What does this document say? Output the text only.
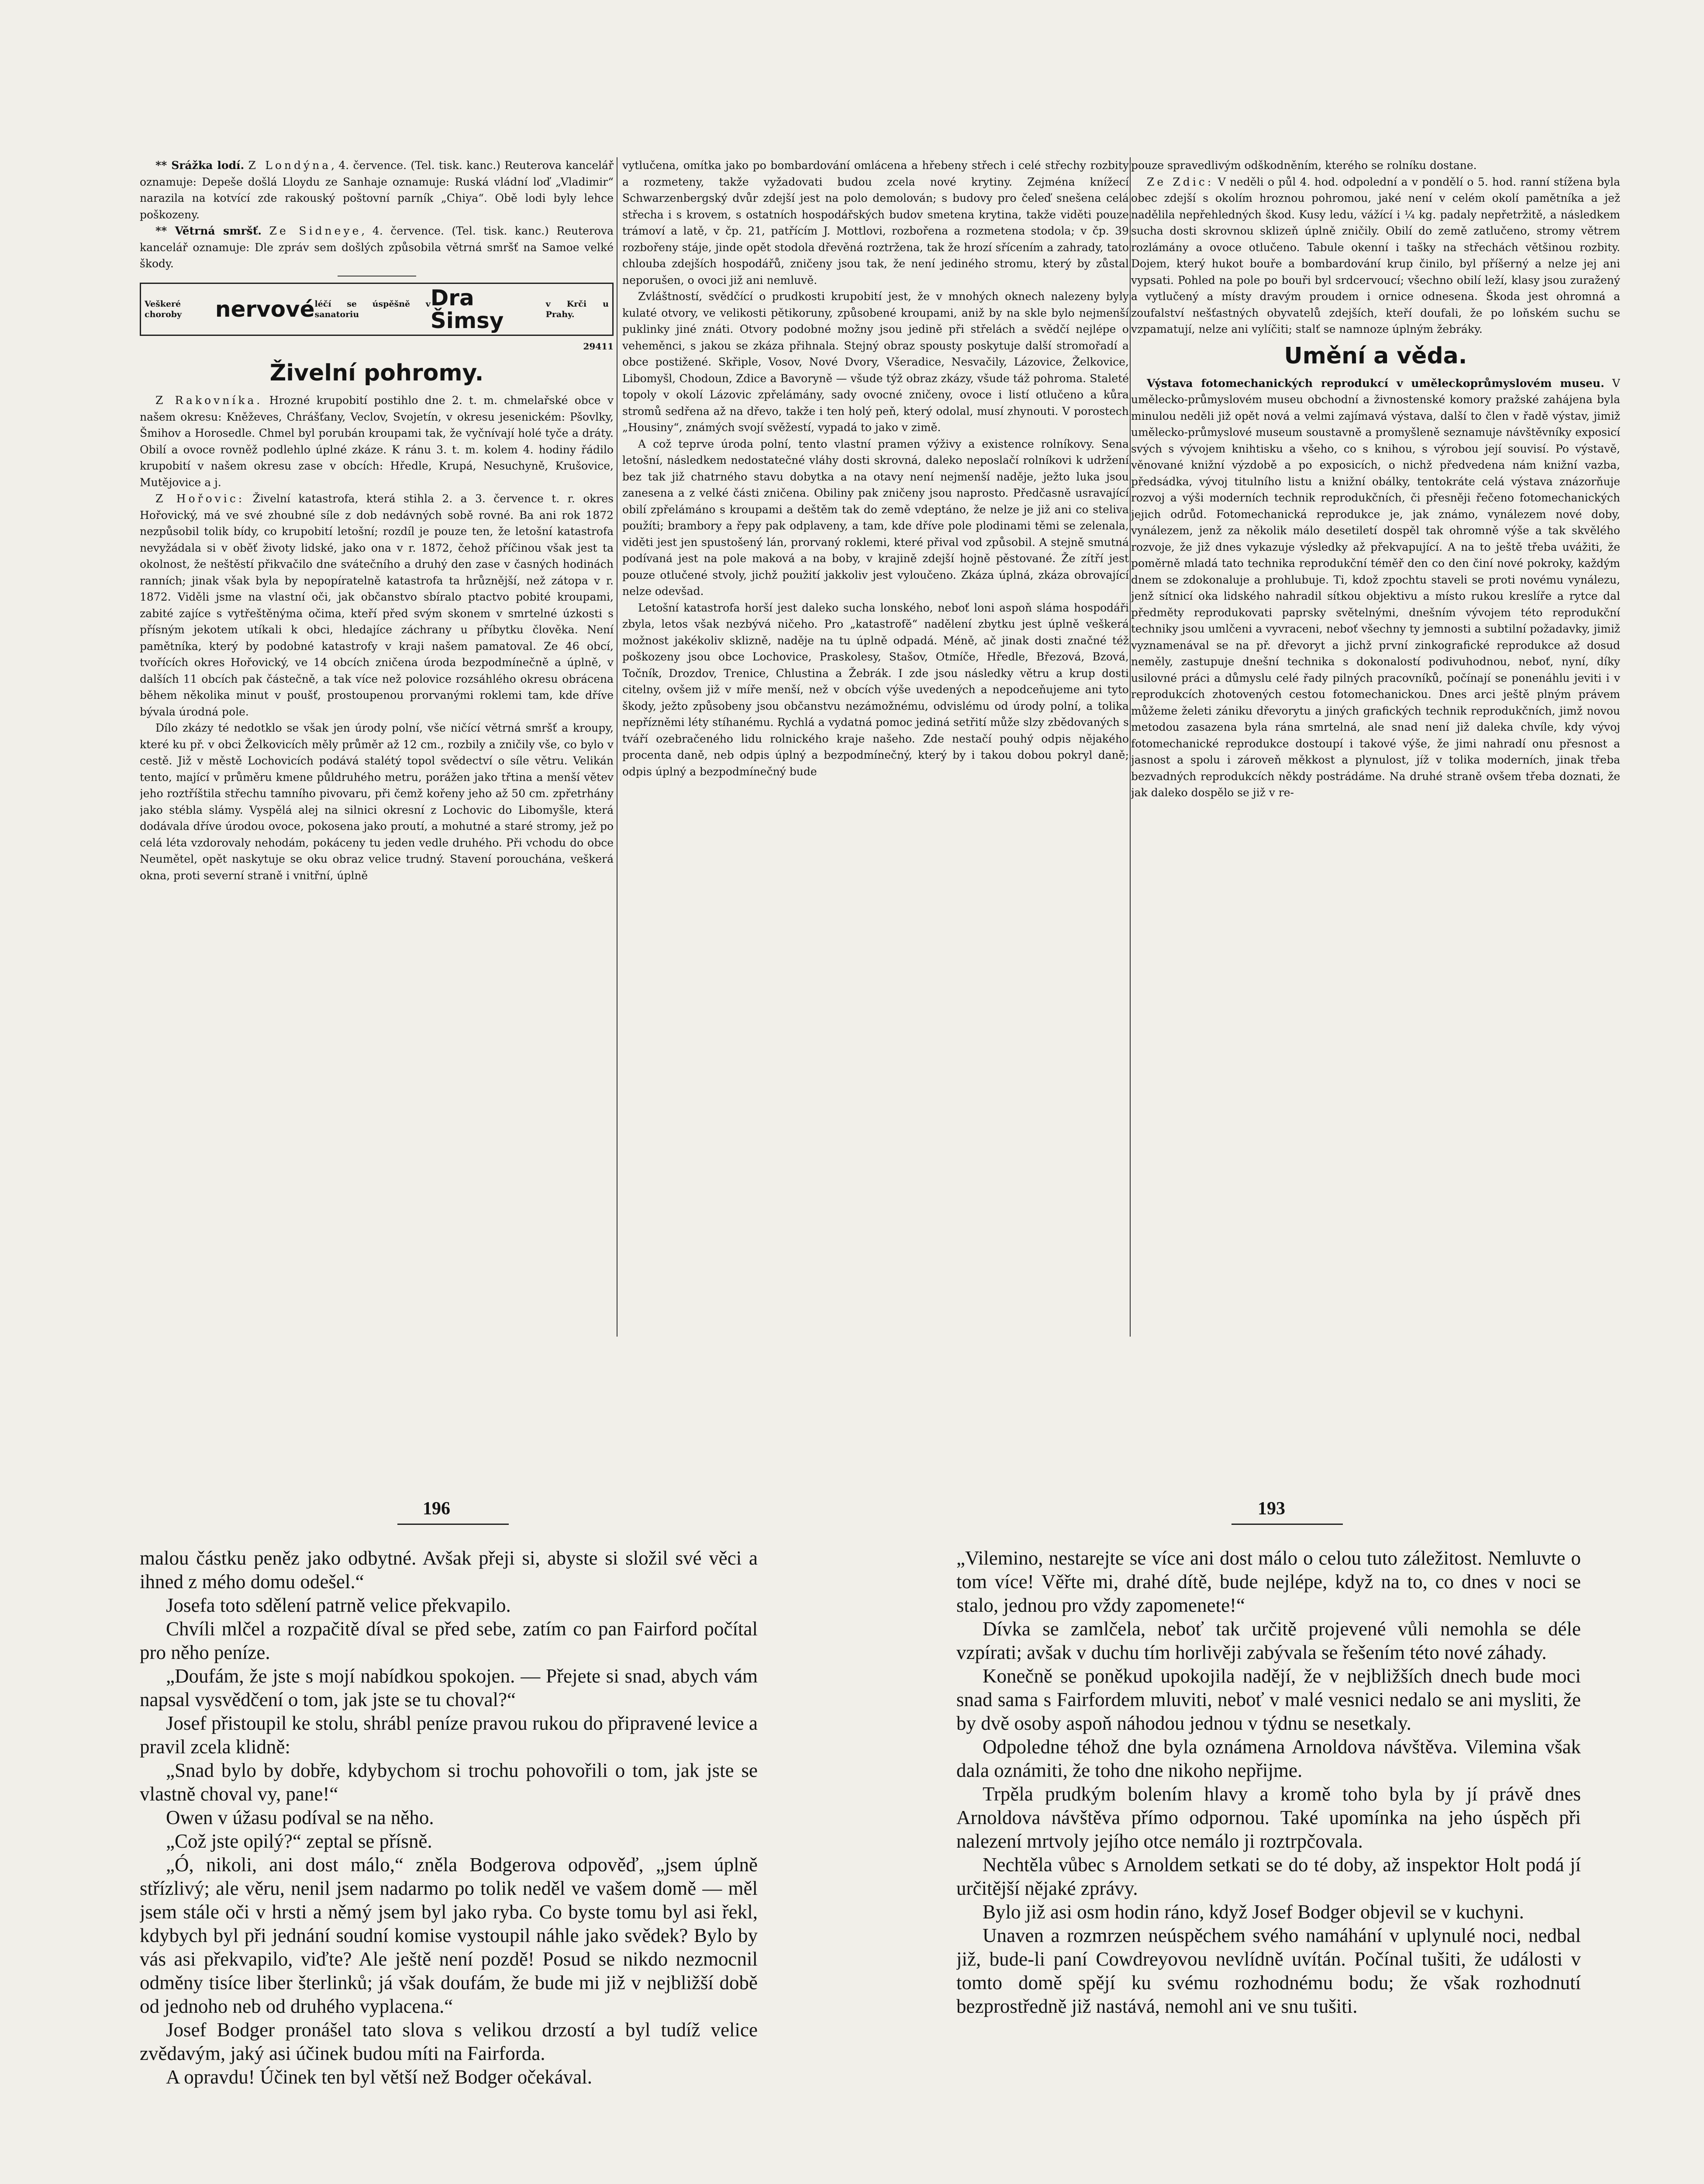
** Srážka lodí. Z Londýna, 4. července. (Tel. tisk. kanc.) Reuterova kancelář oznamuje: Depeše došlá Lloydu ze Sanhaje oznamuje: Ruská vládní loď „Vladimir“ narazila na kotvící zde rakouský poštovní parník „Chiya“. Obě lodi byly lehce poškozeny.

** Větrná smršť. Ze Sidneye, 4. července. (Tel. tisk. kanc.) Reuterova kancelář oznamuje: Dle zpráv sem došlých způsobila větrná smršť na Samoe velké škody.

Veškeré choroby	nervové léčí se úspěšně v sanatoriu
Dra Šimsy
v Krči u Prahy.
29411
Živelní pohromy.

Z Rakovníka. Hrozné krupobití postihlo dne 2. t. m. chmelařské obce v našem okresu: Kněževes, Chrášťany, Veclov, Svojetín, v okresu jesenickém: Pšovlky, Šmihov a Horosedle. Chmel byl porubán kroupami tak, že vyčnívají holé tyče a dráty. Obilí a ovoce rovněž podlehlo úplné zkáze. K ránu 3. t. m. kolem 4. hodiny řádilo krupobití v našem okresu zase v obcích: Hředle, Krupá, Nesuchyně, Krušovice, Mutějovice a j.

Z Hořovic: Živelní katastrofa, která stihla 2. a 3. července t. r. okres Hořovický, má ve své zhoubné síle z dob nedávných sobě rovné. Ba ani rok 1872 nezpůsobil tolik bídy, co krupobití letošní; rozdíl je pouze ten, že letošní katastrofa nevyžádala si v oběť životy lidské, jako ona v r. 1872, čehož příčinou však jest ta okolnost, že neštěstí přikvačilo dne svátečního a druhý den zase v časných hodinách ranních; jinak však byla by nepopíratelně katastrofa ta hrůznější, než zátopa v r. 1872. Viděli jsme na vlastní oči, jak občanstvo sbíralo ptactvo pobité kroupami, zabité zajíce s vytřeštěnýma očima, kteří před svým skonem v smrtelné úzkosti s přísným jekotem utíkali k obci, hledajíce záchrany u příbytku člověka. Není pamětníka, který by podobné katastrofy v kraji našem pamatoval. Ze 46 obcí, tvořících okres Hořovický, ve 14 obcích zničena úroda bezpodmínečně a úplně, v dalších 11 obcích pak částečně, a tak více než polovice rozsáhlého okresu obrácena během několika minut v poušť, prostoupenou prorvanými roklemi tam, kde dříve bývala úrodná pole.

Dílo zkázy té nedotklo se však jen úrody polní, vše ničící větrná smršť a kroupy, které ku př. v obci Želkovicích měly průměr až 12 cm., rozbily a zničily vše, co bylo v cestě. Již v městě Lochovicích podává stalétý topol svědectví o síle větru. Velikán tento, mající v průměru kmene půldruhého metru, porážen jako třtina a menší větev jeho roztříštila střechu tamního pivovaru, při čemž kořeny jeho až 50 cm. zpřetrhány jako stébla slámy. Vyspělá alej na silnici okresní z Lochovic do Libomyšle, která dodávala dříve úrodou ovoce, pokosena jako proutí, a mohutné a staré stromy, jež po celá léta vzdorovaly nehodám, pokáceny tu jeden vedle druhého. Při vchodu do obce Neumětel, opět naskytuje se oku obraz velice trudný. Stavení porouchána, veškerá okna, proti severní straně i vnitřní, úplně

vytlučena, omítka jako po bombardování omlácena a hřebeny střech i celé střechy rozbity a rozmeteny, takže vyžadovati budou zcela nové krytiny. Zejména knížecí Schwarzenbergský dvůr zdejší jest na polo demolován; s budovy pro čeleď snešena celá střecha i s krovem, s ostatních hospodářských budov smetena krytina, takže viděti pouze trámoví a latě, v čp. 21, patřícím J. Mottlovi, rozbořena a rozmetena stodola; v čp. 39 rozbořeny stáje, jinde opět stodola dřevěná roztržena, tak že hrozí sřícením a zahrady, tato chlouba zdejších hospodářů, zničeny jsou tak, že není jediného stromu, který by zůstal neporušen, o ovoci již ani nemluvě.

Zvláštností, svědčící o prudkosti krupobití jest, že v mnohých oknech nalezeny byly kulaté otvory, ve velikosti pětikoruny, způsobené kroupami, aniž by na skle bylo nejmenší puklinky jiné znáti. Otvory podobné možny jsou jedině při střelách a svědčí nejlépe o veheměnci, s jakou se zkáza přihnala. Stejný obraz spousty poskytuje další stromořadí a obce postižené. Skřiple, Vosov, Nové Dvory, Všeradice, Nesvačily, Lázovice, Želkovice, Libomyšl, Chodoun, Zdice a Bavoryně — všude týž obraz zkázy, všude táž pohroma. Staleté topoly v okolí Lázovic zpřelámány, sady ovocné zničeny, ovoce i listí otlučeno a kůra stromů sedřena až na dřevo, takže i ten holý peň, který odolal, musí zhynouti. V porostech „Housiny“, známých svojí svěžestí, vypadá to jako v zimě.

A což teprve úroda polní, tento vlastní pramen výživy a existence rolníkovy. Sena letošní, následkem nedostatečné vláhy dosti skrovná, daleko neposlačí rolníkovi k udržení bez tak již chatrného stavu dobytka a na otavy není nejmenší naděje, ježto luka jsou zanesena a z velké části zničena. Obiliny pak zničeny jsou naprosto. Předčasně usravající obilí zpřelámáno s kroupami a deštěm tak do země vdeptáno, že nelze je již ani co steliva použíti; brambory a řepy pak odplaveny, a tam, kde dříve pole plodinami těmi se zelenala, viděti jest jen spustošený lán, prorvaný roklemi, které přival vod způsobil. A stejně smutná podívaná jest na pole maková a na boby, v krajině zdejší hojně pěstované. Že zítří jest pouze otlučené stvoly, jichž použití jakkoliv jest vyloučeno. Zkáza úplná, zkáza obrovající nelze odevšad.

Letošní katastrofa horší jest daleko sucha lonského, neboť loni aspoň sláma hospodáři zbyla, letos však nezbývá ničeho. Pro „katastrofě“ nadělení zbytku jest úplně veškerá možnost jakékoliv sklizně, naděje na tu úplně odpadá. Méně, ač jinak dosti značné též poškozeny jsou obce Lochovice, Praskolesy, Stašov, Otmíče, Hředle, Březová, Bzová, Točník, Drozdov, Trenice, Chlustina a Žebrák. I zde jsou následky větru a krup dosti citelny, ovšem již v míře menší, než v obcích výše uvedených a nepodceňujeme ani tyto škody, ježto způsobeny jsou občanstvu nezámožnému, odvislému od úrody polní, a tolika nepřízněmi léty stíhanému. Rychlá a vydatná pomoc jediná setřití může slzy zbědovaných s tváří ozebračeného lidu rolnického kraje našeho. Zde nestačí pouhý odpis nějakého procenta daně, neb odpis úplný a bezpodmínečný, který by i takou dobou pokryl daně; odpis úplný a bezpodmínečný bude

pouze spravedlivým odškodněním, kterého se rolníku dostane.

Ze Zdic: V neděli o půl 4. hod. odpolední a v pondělí o 5. hod. ranní stížena byla obec zdejší s okolím hroznou pohromou, jaké není v celém okolí pamětníka a jež nadělila nepřehledných škod. Kusy ledu, vážící i ¼ kg. padaly nepřetržitě, a následkem sucha dosti skrovnou sklizeň úplně zničily. Obilí do země zatlučeno, stromy větrem rozlámány a ovoce otlučeno. Tabule okenní i tašky na střechách většinou rozbity. Dojem, který hukot bouře a bombardování krup činilo, byl příšerný a nelze jej ani vypsati. Pohled na pole po bouři byl srdcervoucí; všechno obilí leží, klasy jsou zuražený a vytlučený a místy dravým proudem i ornice odnesena. Škoda jest ohromná a zoufalství nešťastných obyvatelů zdejších, kteří doufali, že po loňském suchu se vzpamatují, nelze ani vylíčiti; stalť se namnoze úplným žebráky.

Umění a věda.

Výstava fotomechanických reprodukcí v uměleckoprůmyslovém museu. V umělecko-průmyslovém museu obchodní a živnostenské komory pražské zahájena byla minulou neděli již opět nová a velmi zajímavá výstava, další to člen v řadě výstav, jimiž umělecko-průmyslové museum soustavně a promyšleně seznamuje návštěvníky exposicí svých s vývojem knihtisku a všeho, co s knihou, s výrobou její souvisí. Po výstavě, věnované knižní výzdobě a po exposicích, o nichž předvedena nám knižní vazba, předsádka, vývoj titulního listu a knižní obálky, tentokráte celá výstava znázorňuje rozvoj a výši moderních technik reprodukčních, či přesněji řečeno fotomechanických jejich odrůd. Fotomechanická reprodukce je, jak známo, vynálezem nové doby, vynálezem, jenž za několik málo desetiletí dospěl tak ohromně výše a tak skvělého rozvoje, že již dnes vykazuje výsledky až překvapující. A na to ještě třeba uvážiti, že poměrně mladá tato technika reprodukční téměř den co den činí nové pokroky, každým dnem se zdokonaluje a prohlubuje. Ti, kdož zpochtu staveli se proti novému vynálezu, jenž sítnicí oka lidského nahradil sítkou objektivu a místo rukou kreslíře a rytce dal předměty reprodukovati paprsky světelnými, dnešním vývojem této reprodukční techniky jsou umlčeni a vyvraceni, neboť všechny ty jemnosti a subtilní požadavky, jimiž vyznamenával se na př. dřevoryt a jichž první zinkografické reprodukce až dosud neměly, zastupuje dnešní technika s dokonalostí podivuhodnou, neboť, nyní, díky usilovné práci a důmyslu celé řady pilných pracovníků, počínají se ponenáhlu jeviti i v reprodukcích zhotovených cestou fotomechanickou. Dnes arci ještě plným právem můžeme želeti zániku dřevorytu a jiných grafických technik reprodukčních, jimž novou metodou zasazena byla rána smrtelná, ale snad není již daleka chvíle, kdy vývoj fotomechanické reprodukce dostoupí i takové výše, že jimi nahradí onu přesnost a jasnost a spolu i zároveň měkkost a plynulost, jíž v tolika moderních, jinak třeba bezvadných reprodukcích někdy postrádáme. Na druhé straně ovšem třeba doznati, že jak daleko dospělo se již v re-

196	193

malou částku peněz jako odbytné. Avšak přeji si, abyste si složil své věci a ihned z mého domu odešel.“

Josefa toto sdělení patrně velice překvapilo.

Chvíli mlčel a rozpačitě díval se před sebe, zatím co pan Fairford počítal pro něho peníze.

„Doufám, že jste s mojí nabídkou spokojen. — Přejete si snad, abych vám napsal vysvědčení o tom, jak jste se tu choval?“

Josef přistoupil ke stolu, shrábl peníze pravou rukou do připravené levice a pravil zcela klidně:

„Snad bylo by dobře, kdybychom si trochu pohovořili o tom, jak jste se vlastně choval vy, pane!“

Owen v úžasu podíval se na něho.

„Což jste opilý?“ zeptal se přísně.

„Ó, nikoli, ani dost málo,“ zněla Bodgerova odpověď, „jsem úplně střízlivý; ale věru, nenil jsem nadarmo po tolik neděl ve vašem domě — měl jsem stále oči v hrsti a němý jsem byl jako ryba. Co byste tomu byl asi řekl, kdybych byl při jednání soudní komise vystoupil náhle jako svědek? Bylo by vás asi překvapilo, viďte? Ale ještě není pozdě! Posud se nikdo nezmocnil odměny tisíce liber šterlinků; já však doufám, že bude mi již v nejbližší době od jednoho neb od druhého vyplacena.“

Josef Bodger pronášel tato slova s velikou drzostí a byl tudíž velice zvědavým, jaký asi účinek budou míti na Fairforda.

A opravdu! Účinek ten byl větší než Bodger očekával.

„Vilemino, nestarejte se více ani dost málo o celou tuto záležitost. Nemluvte o tom více! Věřte mi, drahé dítě, bude nejlépe, když na to, co dnes v noci se stalo, jednou pro vždy zapomenete!“

Dívka se zamlčela, neboť tak určitě projevené vůli nemohla se déle vzpírati; avšak v duchu tím horlivěji zabývala se řešením této nové záhady.

Konečně se poněkud upokojila nadějí, že v nejbližších dnech bude moci snad sama s Fairfordem mluviti, neboť v malé vesnici nedalo se ani mysliti, že by dvě osoby aspoň náhodou jednou v týdnu se nesetkaly.

Odpoledne téhož dne byla oznámena Arnoldova návštěva. Vilemina však dala oznámiti, že toho dne nikoho nepřijme.

Trpěla prudkým bolením hlavy a kromě toho byla by jí právě dnes Arnoldova návštěva přímo odpornou. Také upomínka na jeho úspěch při nalezení mrtvoly jejího otce nemálo ji roztrpčovala.

Nechtěla vůbec s Arnoldem setkati se do té doby, až inspektor Holt podá jí určitější nějaké zprávy.

Bylo již asi osm hodin ráno, když Josef Bodger objevil se v kuchyni.

Unaven a rozmrzen neúspěchem svého namáhání v uplynulé noci, nedbal již, bude-li paní Cowdreyovou nevlídně uvítán. Počínal tušiti, že události v tomto domě spějí ku svému rozhodnému bodu; že však rozhodnutí bezprostředně již nastává, nemohl ani ve snu tušiti.
